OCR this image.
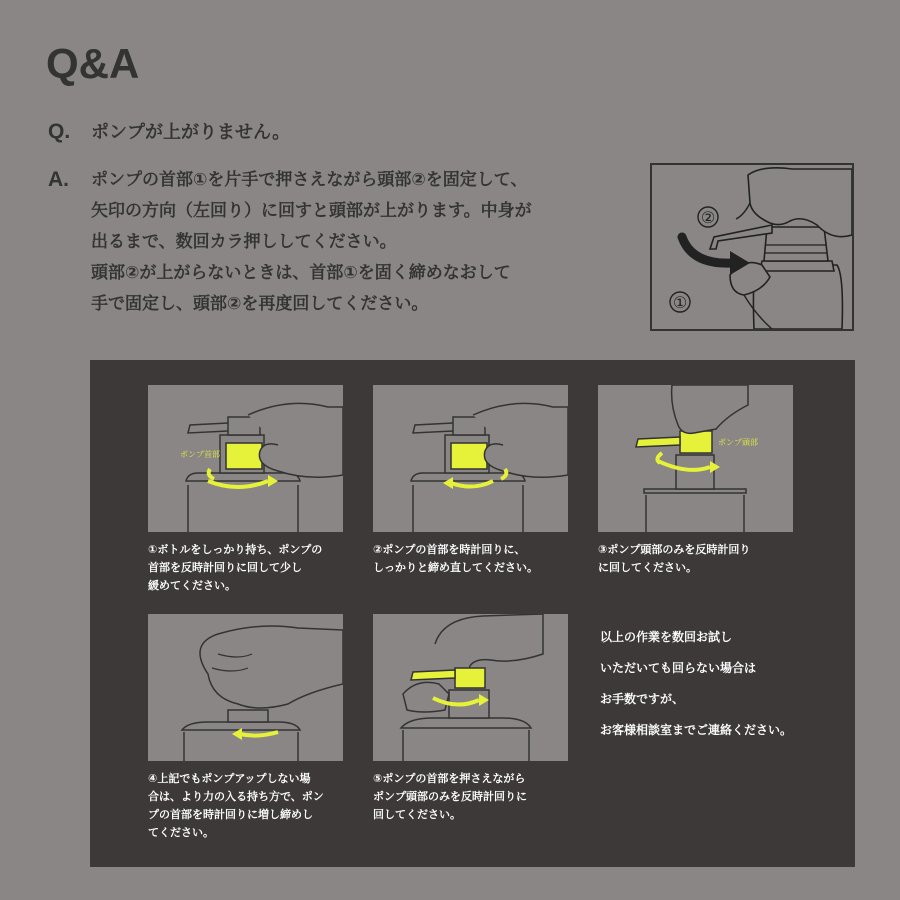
Q&A
Q. ポンプが上がりません。
A. ポンプの首部①を片手で押さえながら頭部②を固定して、
矢印の方向（左回り）に回すと頭部が上がります。中身が
出るまで、数回カラ押ししてください。
頭部②が上がらないときは、首部①を固く締めなおして
手で固定し、頭部②を再度回してください。
②
①
ポンプ首部
①ボトルをしっかり持ち、ポンプの
首部を反時計回りに回して少し
緩めてください。
②ポンプの首部を時計回りに、
しっかりと締め直してください。
ポンプ頭部
③ポンプ頭部のみを反時計回り
に回してください。
④上記でもポンプアップしない場
合は、より力の入る持ち方で、ポン
プの首部を時計回りに増し締めし
てください。
⑤ポンプの首部を押さえながら
ポンプ頭部のみを反時計回りに
回してください。
以上の作業を数回お試し
いただいても回らない場合は
お手数ですが、
お客様相談室までご連絡ください。
